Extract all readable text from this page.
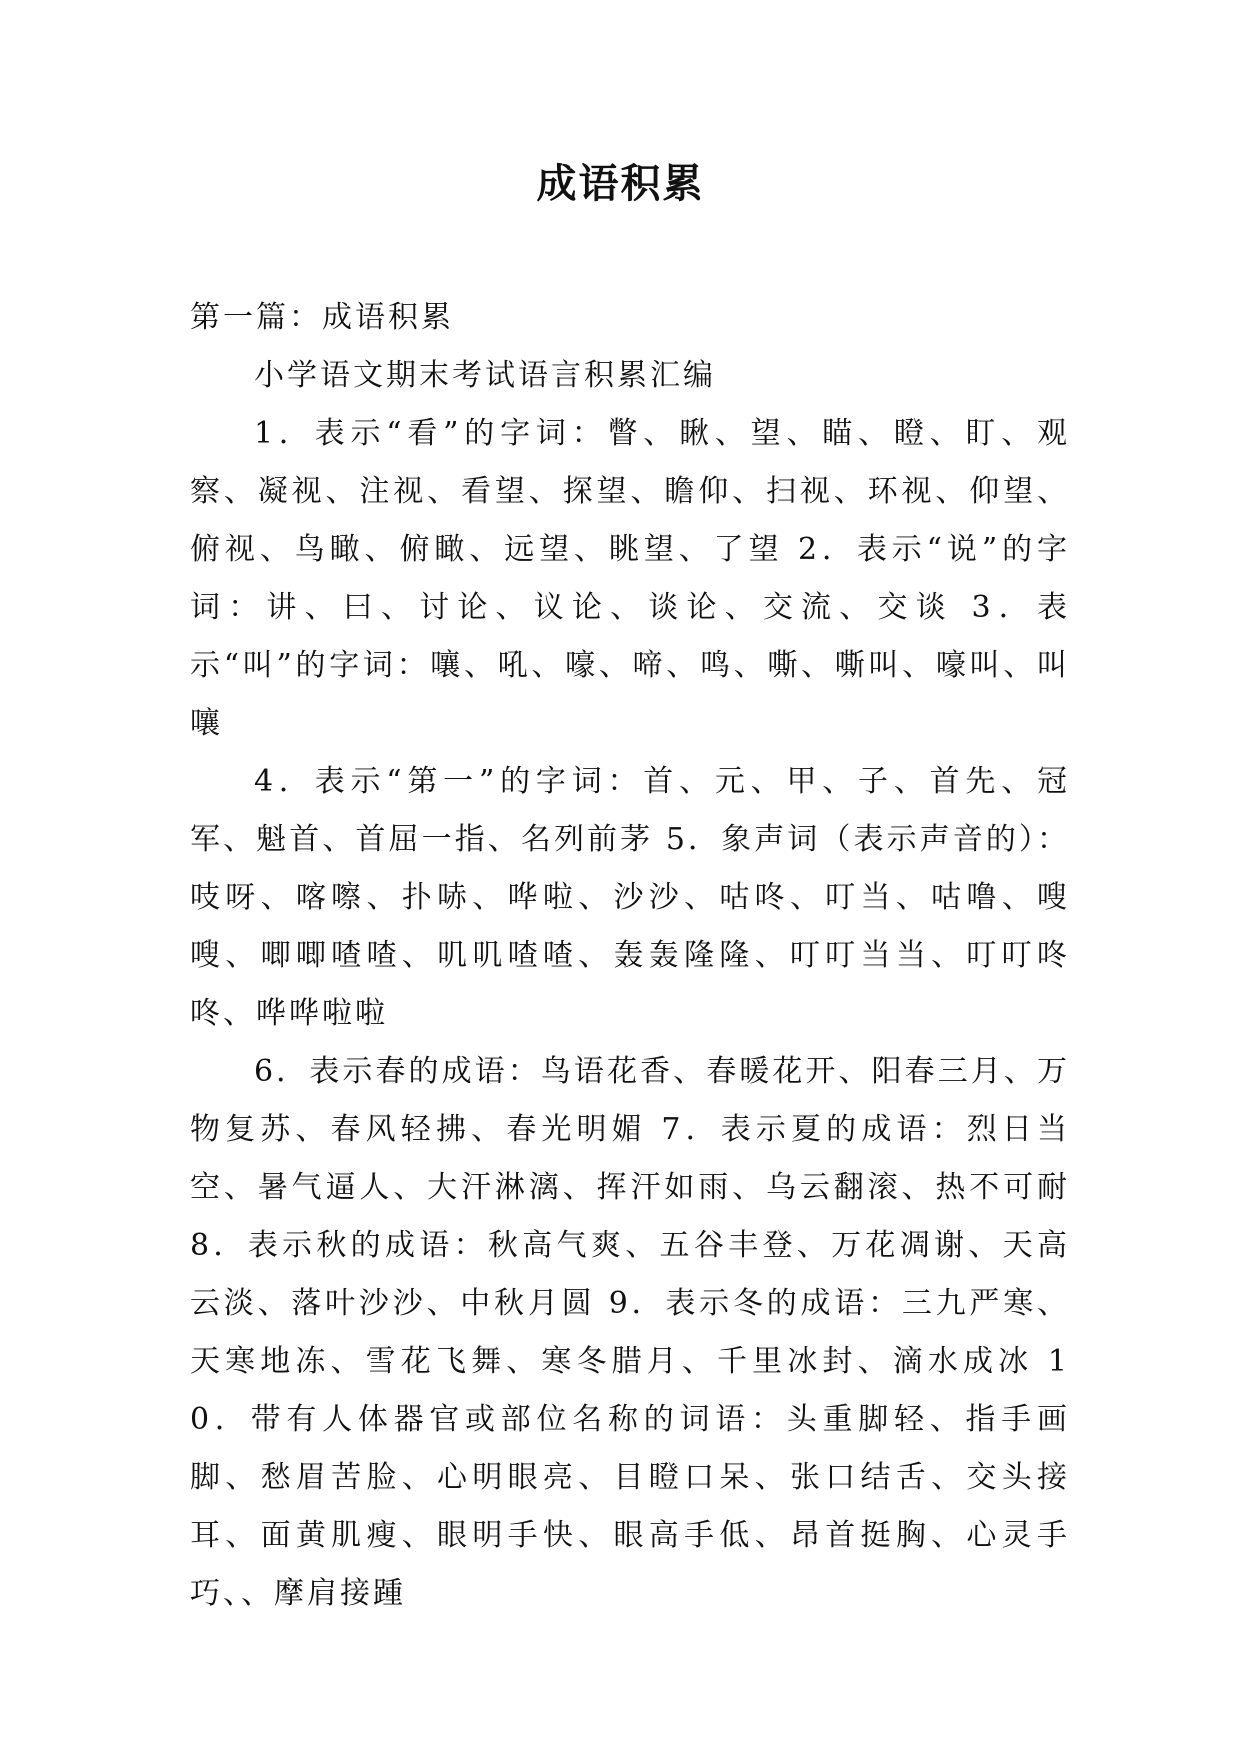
成语积累

第一篇：成语积累

小学语文期末考试语言积累汇编

1．表示“看”的字词：瞥、瞅、望、瞄、瞪、盯、观察、凝视、注视、看望、探望、瞻仰、扫视、环视、仰望、俯视、鸟瞰、俯瞰、远望、眺望、了望 2．表示“说”的字词：讲、曰、讨论、议论、谈论、交流、交谈 3．表示“叫”的字词：嚷、吼、嚎、啼、鸣、嘶、嘶叫、嚎叫、叫嚷

4．表示“第一”的字词：首、元、甲、子、首先、冠军、魁首、首屈一指、名列前茅 5．象声词（表示声音的）：吱呀、喀嚓、扑哧、哗啦、沙沙、咕咚、叮当、咕噜、嗖嗖、唧唧喳喳、叽叽喳喳、轰轰隆隆、叮叮当当、叮叮咚咚、哗哗啦啦

6．表示春的成语：鸟语花香、春暖花开、阳春三月、万物复苏、春风轻拂、春光明媚 7．表示夏的成语：烈日当空、暑气逼人、大汗淋漓、挥汗如雨、乌云翻滚、热不可耐 8．表示秋的成语：秋高气爽、五谷丰登、万花凋谢、天高云淡、落叶沙沙、中秋月圆 9．表示冬的成语：三九严寒、天寒地冻、雪花飞舞、寒冬腊月、千里冰封、滴水成冰 10．带有人体器官或部位名称的词语：头重脚轻、指手画脚、愁眉苦脸、心明眼亮、目瞪口呆、张口结舌、交头接耳、面黄肌瘦、眼明手快、眼高手低、昂首挺胸、心灵手巧、、摩肩接踵
